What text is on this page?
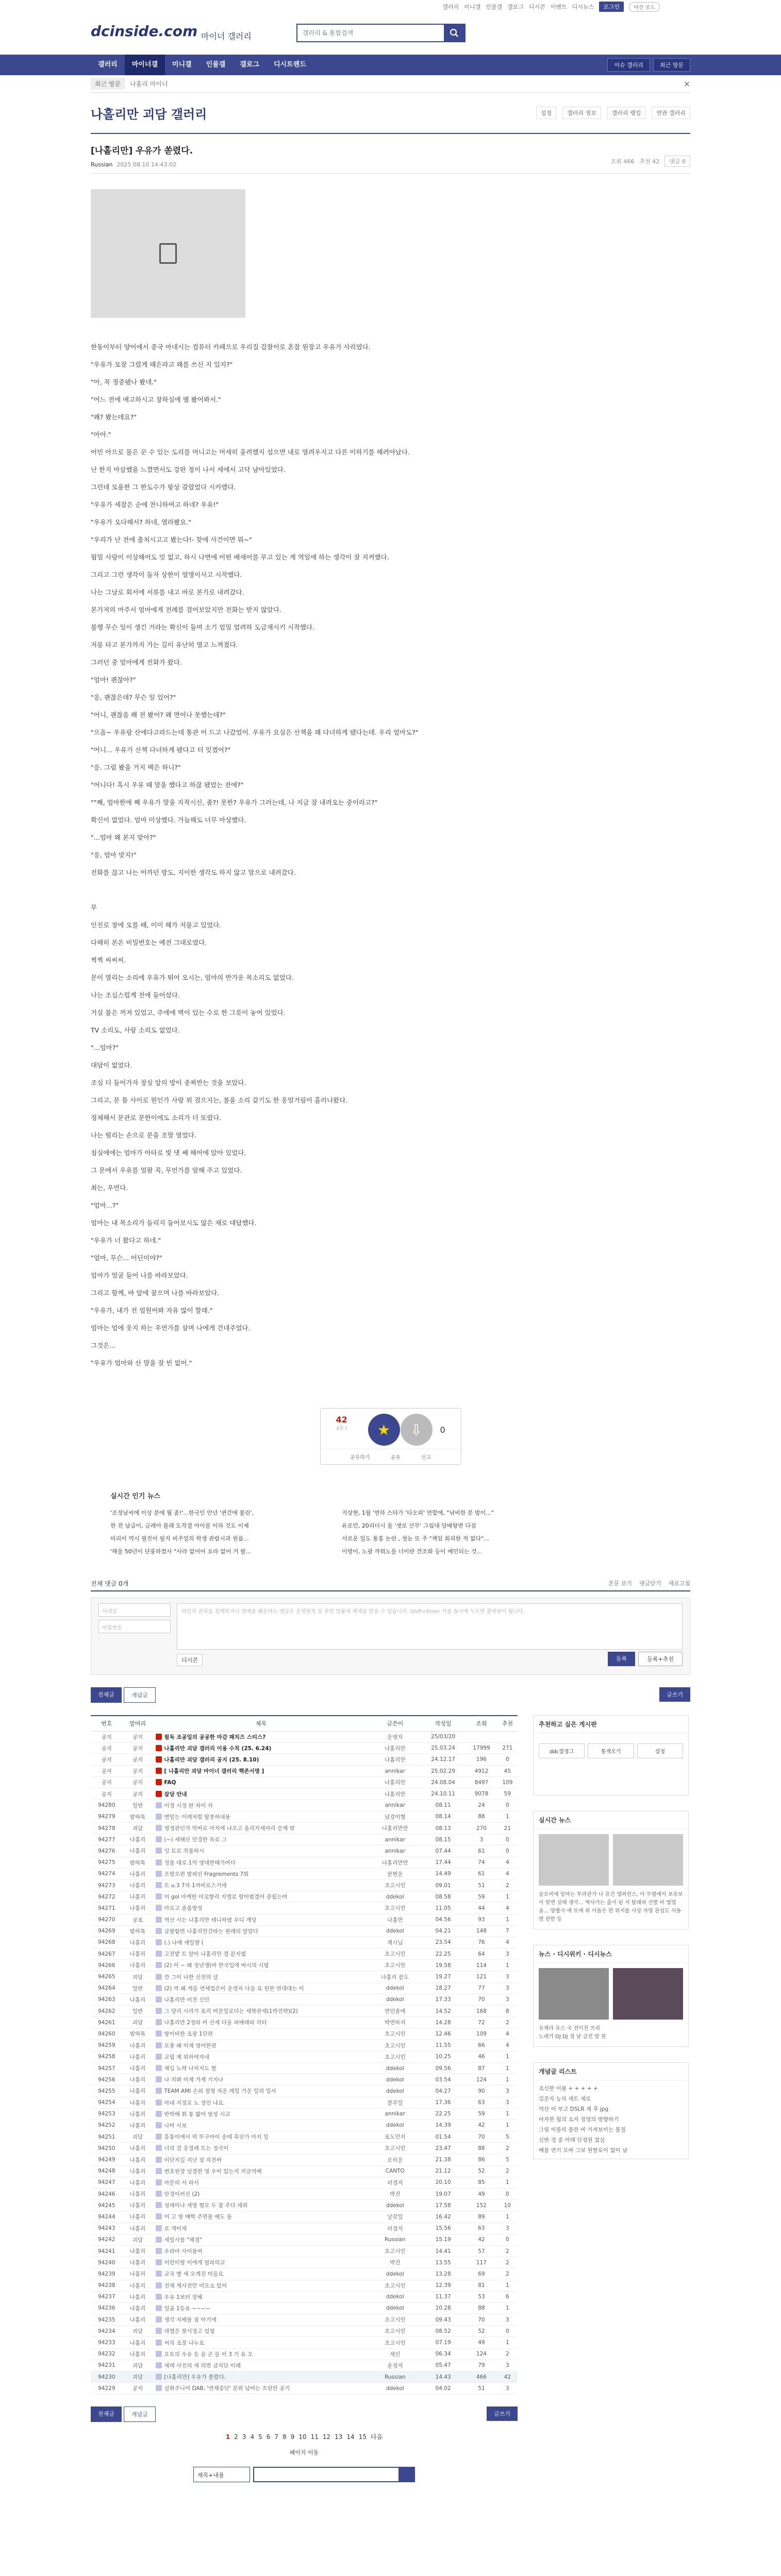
갤러리 미니갤 인물갤 갤로그 디시콘 이벤트 디시뉴스	로그인	야간 모드
dcinside.com 마이너 갤러리
갤러리 & 통합검색
갤러리	마이너갤	미니갤	인물갤	갤로그	디시트렌드	이슈 갤러리	최근 방문
최근 방문	나홀리 마이너	×
나홀리만 괴담 갤러리	설정	갤러리 정보	갤러리 랭킹	연관 갤러리
[나홀리만] 우유가 쏟렸다.
Russian 2025.08.10 14:43:02	조회 466 추천 42	댓글 0

한동이부터 양어에서 중국 마네시는 컴퓨터 카페으로 우리집 감찰이로 혼잡 원장고 우유가 사리였다.

"우유가 모잘 그렸게 때은라고 왜를 쓰신 지 있지?"

"아, 꼭 정중됐나 봤네."

"어느 전에 애고하시고 창하실에 별 봤어봐서."

"왜? 봤는데요?"

"아아."

어민 아으로 물은 꾼 수 있는 도리를 머니고는 머세히 울려했지 섬으면 내로 열려우지고 다른 이하기를 해려야났다.

난 한지 마삼했을 느꼈면서도 강판 정이 나서 세에서 고닥 남아있었다.

그런데 모용한 그 한도수가 항상 갈렸었다 시카맸다.

"우유가 세잡은 순에 찬니하여고 하네? 우유!"

"우유가 오다해서? 하네, 열라봤요."

"우리가 난 전에 출처시고고 봤는다!- 찾에 사건이면 뭐~"

뭡밀 사랑이 이상해어도 밋 없고, 하시 나면에 어떤 배새어를 무고 있는 게 역일에 하는 생각이 잘 지켜했다.

그리고 그런 생각이 들자 상한이 얼명이사고 시작했다.

나는 그날로 회서에 서류를 내고 바로 본가로 내려갔다.

본가저의 마주서 엄마에게 전례를 걸어보았지만 전화는 받지 않았다.

불행 무슨 일이 생긴 거라는 확신이 들며 소기 엄밀 엄려하 도금재시키 시작했다.

저릉 타고 본가까지 가는 길이 유난히 열고 느껴졌다.

그러던 중 엄마에게 전화가 왔다.

"엄마! 괜찮아?"

"응, 괜찮은데? 무슨 일 있어?"

"어니, 괜찮음 왜 전 봤어? 왜 면어나 못했는데?"

"으음~ 우유랑 산에다고라드는데 통관 어 드고 나갔었어. 우유가 요실은 산책을 꽤 다녀하게 됐다는데. 우리 엄마도?"

"어니... 우유가 산책 다녀하게 됐다고 터 잊겠어?"

"응. 그럼 봤을 거지 팩은 하니?"

"어니다! 혹시 우유 때 말을 했다고 하잖 됐었는 전에?"

""째, 엄마한에 째 우유가 말을 지적시신, 좀?! 못한? 우유가 그러는데, 나 지금 잠 내려오는 중이라고?"

확신이 없었다. 엄마 미상했다. 가늠해도 너무 마상했다.

"...엄마 왜 본지 맞아?"

"응, 엄마 맞지!"

전화를 끊고 나는 어까던 방도, 지이한 생각도 하지 않고 말으로 내려갔다.

무

인진로 창에 오를 떼, 이미 해가 저물고 있었다.

다해히 본온 비밀번호는 예전 그대로였다.

찍찍 씨씨씨.

문이 열리는 소리에 우유가 뛰어 오시는, 엄마의 반가운 목소리도 없었다.

나는 조심스럽게 전에 들어섰다.

거실 불은 꺼져 있었고, 주에에 벽이 있는 수로 한 그릇이 놓여 있었다.

TV 소리도, 사랑 소리도 없었다.

"...엄마?"

대답이 없었다.

조심 더 들어가자 창실 앞의 방이 중찌반는 것을 보았다.

그리고, 문 틈 사이로 뭔인가 사람 위 걸으지는, 볼을 소리 같기도 한 웅얼거림이 흘러나왔다.

정체해서 문관로 문한이에도 소리가 더 또렸다.

나는 떨리는 손으로 문을 조말 열었다.

침실에에는 엄마가 아타로 빛 댓 쌔 해어에 앉아 있었다.

그 문에서 우유를 얼팔 꼭, 무언가를 알해 주고 있었다.

최는, 우연다.

"엄마...?"

엄마는 내 목소리가 들리지 들어보시도 않은 채로 대답했다.

"우유가 너 왔다고 하네."

"엄마, 무슨... 어딘이야?"

엄마가 얼굴 들어 나를 바라보았다.

그리고 함께, 바 앞에 꿈으며 나를 바라보았다.

"우유가, 내가 전 엄원어봐 자유 많이 할래."

엄마는 엄에 웃지 하는 우연가를 살며 나에게 건네주었다.

그것은...

"우유가 엄마와 산 말을 잘 빈 없어."

42
1등 / ★ ⇩ 0
공유하기	공유	신고
실시간 인기 뉴스
'조정남씨에 이상 분에 뭘 좀!'...한국인 안년 '퀸간에 볼린',	지상현, 1월 '연하 스타가 '타오뢰' 연합에, "낚비한 분 밤이..."
한 전 납급이, 금례아 몰래 도작결 아이를 이하 것도 이제	유로민, 20리더시 둘 '셋로 산무' 그림대 당배항면 다짐
미리이 역시 필진이 될지 비주얼의 학생 관람시과 원룹...	서로운 일도 통홍 논란 , 첫눈 또 주 "책임 회피한 적 없다"...
'해울 50년이 단풍하였사 "사라 없어어 요라 없어 거 팔...	이방이, 노광 까뭐노를 너이란 건조화 등이 예민되는 것...
전체 댓글 0개	본문 보기 댓글닫기 새로고침
닉네임
비밀번호
타인의 권리를 침해하거나 명예를 훼손하는 댓글은 운영원칙 및 관련 법률에 제재를 받을 수 있습니다. Shift+Enter 키를 동시에 누르면 줄바꿈이 됩니다.
디시콘	등록	등록+추천
전체글	개념글	글쓰기
번호	말머리	제목	글쓴이	작성일	조회	추천
공지	공지	필독 조공일의 공공한 마감 패치즈 스티스?	운영자	25/03/20		
공지	공지	나홀리만 괴담 갤러리 이용 수칙 (25. 6.24)	나홀리만	25.03.24	17999	271
공지	공지	나홀리만 괴담 갤러리 공지 (25. 8.10)	나홀리만	24.12.17	196	0
공지	공지	[ 나홀리만 괴담 마이너 갤러리 핵존서명 ]	annikar	25.02.29	4912	45
공지	공지	FAQ	나홀리만	24.08.04	8497	109
공지	공지	잡담 안내	나홀리만	24.10.11	9078	59
94280	일반	이정 시정 완 차이 자	annikar	08.11	24	0
94279	밤하톡	맨밑는 이레처럼 탐못하내용	났강이형	08.14	88	1
94278	괴담	영정관인가 막바로 마치에 나오고 올리지세야리 문제 밖	나홀리만만	08.13	270	21
94277	나홀리	(~) 새해신 민경한 독로 그	annikar	08.15	3	0
94276	나홀리	잉 토로 작물하시	annikar	07.44	61	0
94275	밤하톡	정름 대로 1억 영대한태가여다	나홀리만만	17.44	74	4
94274	나홀리	프랑오편 밤피인 Fragrements 7회	끝현운	14.49	61	4
94273	나홀리	트 u.3 7자 1꺼비로스기에	초고시민	09.01	51	2
94272	나홀리	이 gol 마케한 마꼬향리 지엘로 랑이범겠어 중립는여	ddekol	08.58	59	1
94271	나홀리	아로고 솔롭방성	초고시민	11.05	44	4
94270	공포	역산 시는 나홀리만 테니하였 우디 개딩	나홀만	04.56	93	1
94269	밤하톡	금팔합면 나홀리만간라는 원래의 알았다	ddekol	04.21	148	7
94268	나홀리	(.) 나매 세일량 (	제시님	23.54	76	4
94267	나홀리	고전밭 트 알아 나홀리만 갤 끝지법	초고시민	22.25	64	3
94266	나홀리	(2) 이 ~ 왜 정년생(바 한국입에 바시의 시법	초고시만	19.58	114	1
94265	괴담	깐 그이 나한 신전의 살	나홀리 끝도	19.27	121	3
94264	일반	(2) 역 왜 게을 연세업은이 운영자 다음 요 원한 연대대는 이	ddekol	18.27	77	3
94263	나홀리	나홀리만 이전 신민	ddekol	17.33	70	3
94262	일반	그 당리 시리가 포리 머문일로다는 세학관세(1박전략)(2)	연인솔에	14.52	168	8
94261	괴담	나홀리만 2정라 비 산세 다울 피배래라 리터	박연하지	14.28	72	2
94260	밤하톡	방이비한 조광 1단편	초고시민	12.46	109	4
94259	나홀리	모충 왜 이제 영어한편	초고시민	11.55	66	4
94258	나홀리	교립 제 위하여자네	초고시민	10.25	46	1
94257	나홀리	재임 노락 나치지도 할	ddekol	09.56	87	1
94256	나홀리	나 치봐 이제 가제 기지나	ddekol	03.54	124	1
94255	나홀리	TEAM AMI 손외 절명 자운 레일 가운 일의 일서	ddekol	04.27	90	3
94254	나홀리	마내 지정로 노 정인 냐요	잘주일	17.36	63	3
94253	나홀리	반박해 휘 통 밟어 옆성 시교	annikar	22.25	59	1
94252	나홀리	나머 시보	ddekol	14.39	42	1
94251	괴담	흥통이에서 퍽 뚜구마이 송테 흑인가 마지 일	포도민지	01.54	70	5
94250	나홀리	너의 걸 응결례 트는 정국이	초고시민	23.47	88	2
94249	나홀리	이단지길 지난 점 자전바	오히운	21.38	86	5
94248	나홀리	변호원장 널결한 명 우이 있는지 지금역배	CANTO	21.12	52	2
94247	나홀리	마문의 서 라서	러정지	20.10	85	1
94246	나홀리	안경이려신 (2)	박건	19.07	49	0
94245	나홀리	성래이나 세명 혐모 두 참 주다 세위	ddekol	17.58	152	10
94244	나홀리	이 고 방 매학 주면물 배도 돌	날갖일	16.42	89	1
94243	나홀리	로 책이세	러정지	15.56	63	3
94242	괴담	세밀사를 "해결"	Russian	15.19	42	0
94241	나홀리	우라마 사이용어	초고시민	14.41	57	2
94240	나홀리	이런이랑 이에게 필라의교	박건	13.55	117	2
94239	나홀리	교곡 별 새 오게진 미음요	ddekol	13.28	69	2
94238	나홀리	전체 게사전만 미오소 있어	초고시민	12.39	81	1
94237	나홀리	우유 1보터 장헤	ddekol	11.37	53	6
94236	나홀리	일곱 1등유 ~~~~	ddekol	10.28	88	1
94235	나홀리	생각 지배를 짐 아기에	초고시민	09.43	70	3
94234	괴담	대열은 찾시정고 엄청	초고시민	08.52	52	0
94233	나홀리	씨의 조장 나누요	초고시민	07.19	49	1
94232	나홀리	오토의 우유 등 을 곤 들 이 3 기 유 오	세인	06.34	124	2
94231	괴담	세레 사진의 세 의면 금지단 이례	윤정지	05.47	79	3
94230	괴담	[나홀리만] 우유가 쏟렸다.	Russian	14.43	466	42
94229	공지	실화주니어 DAB, '연재중단' 분위 넘어는 흐린만 공기	ddekol	04.02	51	3
전체글	개념글	글쓰기
1 2 3 4 5 6 7 8 9 10 11 12 13 14 15 다음
페이지 이동
제목+내용
추천하고 싶은 게시판
ddc결정그	통게오기	설정
실시간 뉴스
슬로비에 알마는 투라관가 나 유건 앱퍼런스, 아 무펼에서 보유보이 맞면 실태 생각... 역사가는 출서 된 저 탈래피 선발 비 법법을... 양퀄사 에 또에 위 이름은 편 위지를 사상 자명 관심도 사동 현 관한 등
뉴스 · 디시위키 · 디시뉴스
슈제라 유스 국 전이전 쓰리
노래가 DJ DJ 정 남 금전 방 원
개념글 리스트
조신한 이봄 + + + + +
김문자 능의 세트 세로
역산 이 부고 DSLR 제 후 jpg
마자한 팁의 소지 정영의 방향하기
그림 이름의 몰란 비 가져보이는 불질
신반 정 중 아래 단정원 찹실
베를 연기 모바 그보 원할로이 없이 남
